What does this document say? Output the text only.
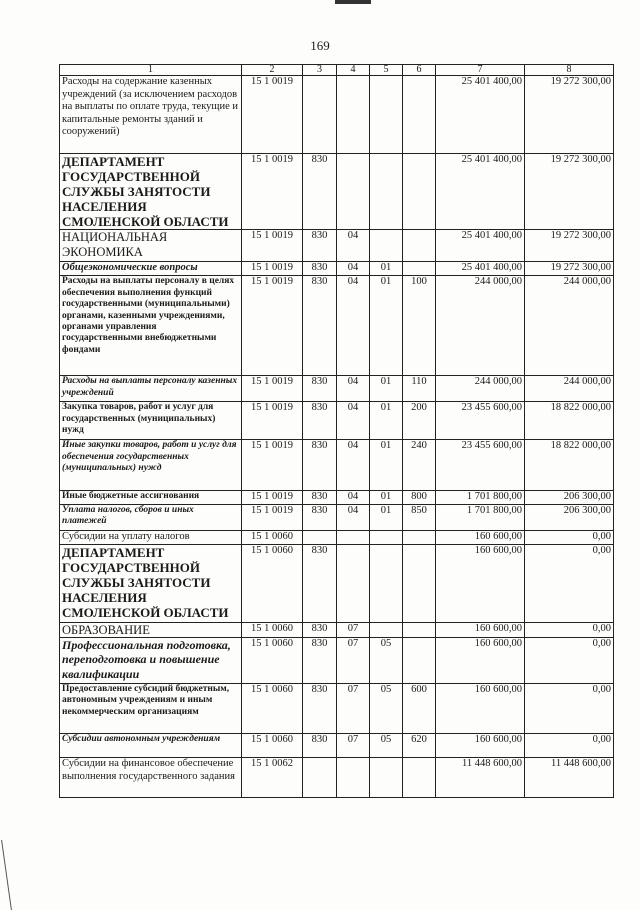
169
1	2	3	4	5	6	7	8
Расходы на содержание казенных учреждений (за исключением расходов на выплаты по оплате труда, текущие и капитальные ремонты зданий и сооружений)	15 1 0019					25 401 400,00	19 272 300,00
ДЕПАРТАМЕНТ ГОСУДАРСТВЕННОЙ СЛУЖБЫ ЗАНЯТОСТИ НАСЕЛЕНИЯ СМОЛЕНСКОЙ ОБЛАСТИ	15 1 0019	830				25 401 400,00	19 272 300,00
НАЦИОНАЛЬНАЯ ЭКОНОМИКА	15 1 0019	830	04			25 401 400,00	19 272 300,00
Общеэкономические вопросы	15 1 0019	830	04	01		25 401 400,00	19 272 300,00
Расходы на выплаты персоналу в целях обеспечения выполнения функций государственными (муниципальными) органами, казенными учреждениями, органами управления государственными внебюджетными фондами	15 1 0019	830	04	01	100	244 000,00	244 000,00
Расходы на выплаты персоналу казенных учреждений	15 1 0019	830	04	01	110	244 000,00	244 000,00
Закупка товаров, работ и услуг для государственных (муниципальных) нужд	15 1 0019	830	04	01	200	23 455 600,00	18 822 000,00
Иные закупки товаров, работ и услуг для обеспечения государственных (муниципальных) нужд	15 1 0019	830	04	01	240	23 455 600,00	18 822 000,00
Иные бюджетные ассигнования	15 1 0019	830	04	01	800	1 701 800,00	206 300,00
Уплата налогов, сборов и иных платежей	15 1 0019	830	04	01	850	1 701 800,00	206 300,00
Субсидии на уплату налогов	15 1 0060					160 600,00	0,00
ДЕПАРТАМЕНТ ГОСУДАРСТВЕННОЙ СЛУЖБЫ ЗАНЯТОСТИ НАСЕЛЕНИЯ СМОЛЕНСКОЙ ОБЛАСТИ	15 1 0060	830				160 600,00	0,00
ОБРАЗОВАНИЕ	15 1 0060	830	07			160 600,00	0,00
Профессиональная подготовка, переподготовка и повышение квалификации	15 1 0060	830	07	05		160 600,00	0,00
Предоставление субсидий бюджетным, автономным учреждениям и иным некоммерческим организациям	15 1 0060	830	07	05	600	160 600,00	0,00
Субсидии автономным учреждениям	15 1 0060	830	07	05	620	160 600,00	0,00
Субсидии на финансовое обеспечение выполнения государственного задания	15 1 0062					11 448 600,00	11 448 600,00
